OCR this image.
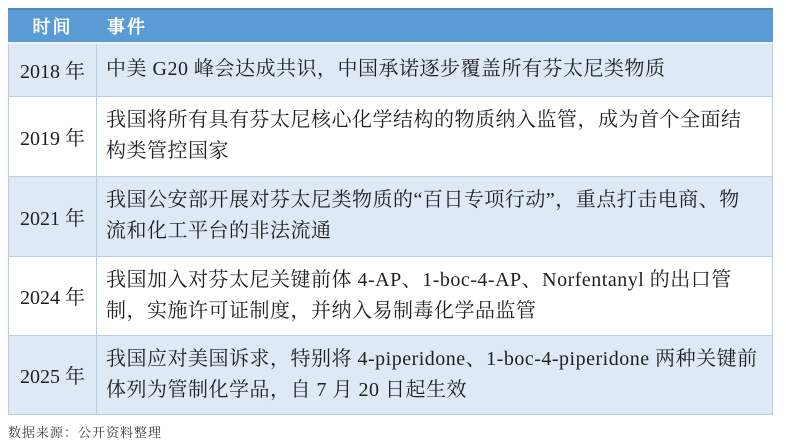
时间	事件
2018 年	中美 G20 峰会达成共识，中国承诺逐步覆盖所有芬太尼类物质
2019 年	我国将所有具有芬太尼核心化学结构的物质纳入监管，成为首个全面结构类管控国家
2021 年	我国公安部开展对芬太尼类物质的“百日专项行动”，重点打击电商、物流和化工平台的非法流通
2024 年	我国加入对芬太尼关键前体 4-AP、1-boc-4-AP、Norfentanyl 的出口管制，实施许可证制度，并纳入易制毒化学品监管
2025 年	我国应对美国诉求，特别将 4-piperidone、1-boc-4-piperidone 两种关键前体列为管制化学品，自 7 月 20 日起生效

数据来源：公开资料整理
